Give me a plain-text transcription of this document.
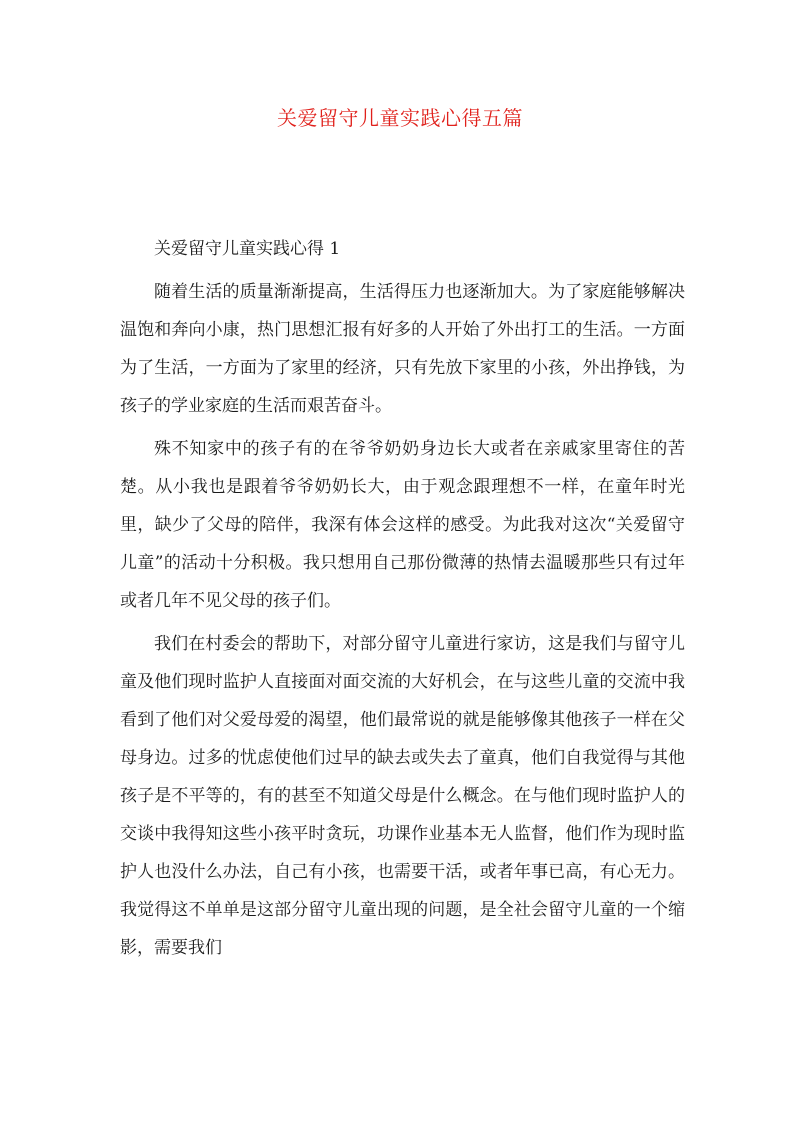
关爱留守儿童实践心得五篇

关爱留守儿童实践心得 1

随着生活的质量渐渐提高，生活得压力也逐渐加大。为了家庭能够解决温饱和奔向小康，热门思想汇报有好多的人开始了外出打工的生活。一方面为了生活，一方面为了家里的经济，只有先放下家里的小孩，外出挣钱，为孩子的学业家庭的生活而艰苦奋斗。

殊不知家中的孩子有的在爷爷奶奶身边长大或者在亲戚家里寄住的苦楚。从小我也是跟着爷爷奶奶长大，由于观念跟理想不一样，在童年时光里，缺少了父母的陪伴，我深有体会这样的感受。为此我对这次“关爱留守儿童”的活动十分积极。我只想用自己那份微薄的热情去温暖那些只有过年或者几年不见父母的孩子们。

我们在村委会的帮助下，对部分留守儿童进行家访，这是我们与留守儿童及他们现时监护人直接面对面交流的大好机会，在与这些儿童的交流中我看到了他们对父爱母爱的渴望，他们最常说的就是能够像其他孩子一样在父母身边。过多的忧虑使他们过早的缺去或失去了童真，他们自我觉得与其他孩子是不平等的，有的甚至不知道父母是什么概念。在与他们现时监护人的交谈中我得知这些小孩平时贪玩，功课作业基本无人监督，他们作为现时监护人也没什么办法，自己有小孩，也需要干活，或者年事已高，有心无力。我觉得这不单单是这部分留守儿童出现的问题，是全社会留守儿童的一个缩影，需要我们
